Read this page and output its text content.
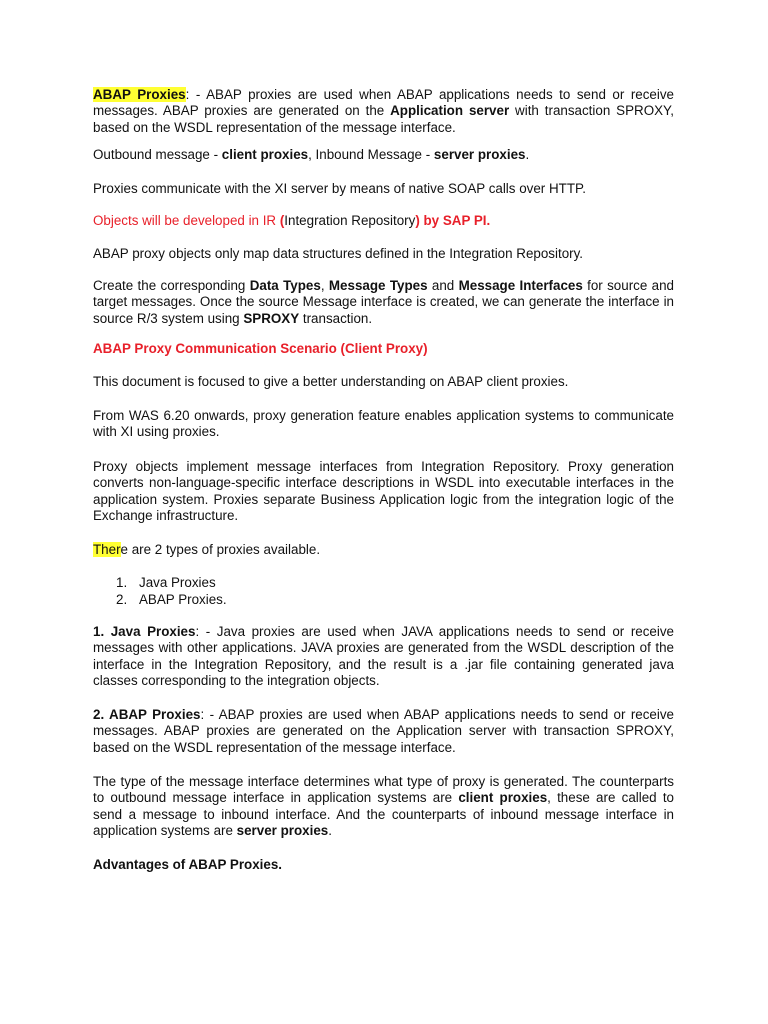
ABAP Proxies: - ABAP proxies are used when ABAP applications needs to send or receive messages. ABAP proxies are generated on the Application server with transaction SPROXY, based on the WSDL representation of the message interface.

Outbound message - client proxies, Inbound Message - server proxies.

Proxies communicate with the XI server by means of native SOAP calls over HTTP.

Objects will be developed in IR (Integration Repository) by SAP PI.

ABAP proxy objects only map data structures defined in the Integration Repository.

Create the corresponding Data Types, Message Types and Message Interfaces for source and target messages. Once the source Message interface is created, we can generate the interface in source R/3 system using SPROXY transaction.

ABAP Proxy Communication Scenario (Client Proxy)

This document is focused to give a better understanding on ABAP client proxies.

From WAS 6.20 onwards, proxy generation feature enables application systems to communicate with XI using proxies.

Proxy objects implement message interfaces from Integration Repository. Proxy generation converts non-language-specific interface descriptions in WSDL into executable interfaces in the application system. Proxies separate Business Application logic from the integration logic of the Exchange infrastructure.

There are 2 types of proxies available.

1. Java Proxies
2. ABAP Proxies.

1. Java Proxies: - Java proxies are used when JAVA applications needs to send or receive messages with other applications. JAVA proxies are generated from the WSDL description of the interface in the Integration Repository, and the result is a .jar file containing generated java classes corresponding to the integration objects.

2. ABAP Proxies: - ABAP proxies are used when ABAP applications needs to send or receive messages. ABAP proxies are generated on the Application server with transaction SPROXY, based on the WSDL representation of the message interface.

The type of the message interface determines what type of proxy is generated. The counterparts to outbound message interface in application systems are client proxies, these are called to send a message to inbound interface. And the counterparts of inbound message interface in application systems are server proxies.

Advantages of ABAP Proxies.
